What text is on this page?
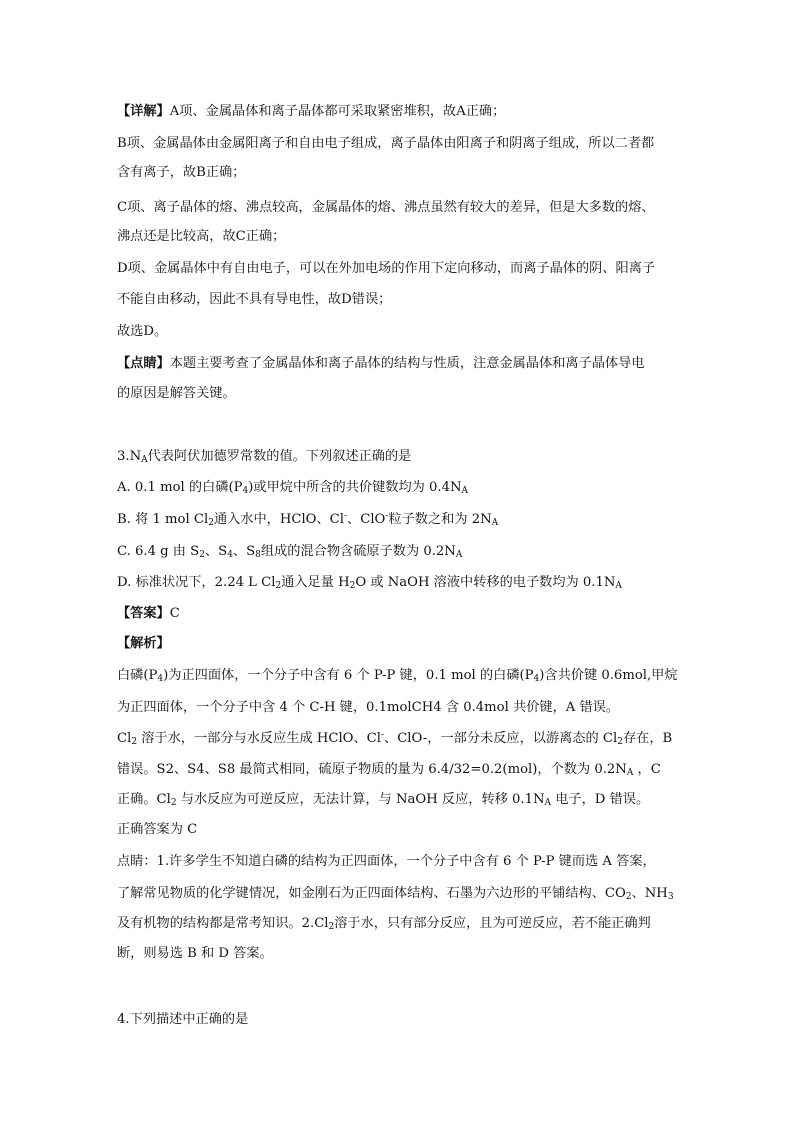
【详解】A项、金属晶体和离子晶体都可采取紧密堆积，故A正确；
B项、金属晶体由金属阳离子和自由电子组成，离子晶体由阳离子和阴离子组成，所以二者都
含有离子，故B正确；
C项、离子晶体的熔、沸点较高，金属晶体的熔、沸点虽然有较大的差异，但是大多数的熔、
沸点还是比较高，故C正确；
D项、金属晶体中有自由电子，可以在外加电场的作用下定向移动，而离子晶体的阴、阳离子
不能自由移动，因此不具有导电性，故D错误；
故选D。
【点睛】本题主要考查了金属晶体和离子晶体的结构与性质，注意金属晶体和离子晶体导电
的原因是解答关键。
$3.N_A$代表阿伏加德罗常数的值。下列叙述正确的是
A. 0.1 mol 的白磷$(P_4)$或甲烷中所含的共价键数均为 $0.4N_A$
B. 将 1 mol $Cl_2$通入水中，HClO、Cl-、ClO-粒子数之和为 $2N_A$
C. 6.4 g 由 $S_2$、$S_4$、$S_8$组成的混合物含硫原子数为 $0.2N_A$
D. 标准状况下，2.24 L $Cl_2$通入足量 $H_2O$ 或 NaOH 溶液中转移的电子数均为 $0.1N_A$
【答案】C
【解析】
白磷$(P_4)$为正四面体，一个分子中含有 6 个 P-P 键，0.1 mol 的白磷$(P_4)$含共价键 0.6mol,甲烷
为正四面体，一个分子中含 4 个 C-H 键，0.1molCH4 含 0.4mol 共价键，A 错误。
$Cl_2$ 溶于水，一部分与水反应生成 HClO、Cl-、ClO-，一部分未反应，以游离态的 $Cl_2$存在，B
错误。S2、S4、S8 最简式相同，硫原子物质的量为 6.4/32=0.2(mol)，个数为 $0.2N_A$ ，C
正确。$Cl_2$ 与水反应为可逆反应，无法计算，与 NaOH 反应，转移 $0.1N_A$ 电子，D 错误。
正确答案为 C
点睛：1.许多学生不知道白磷的结构为正四面体，一个分子中含有 6 个 P-P 键而选 A 答案，
了解常见物质的化学键情况，如金刚石为正四面体结构、石墨为六边形的平铺结构、$CO_2$、$NH_3$
及有机物的结构都是常考知识。$2.Cl_2$溶于水，只有部分反应，且为可逆反应，若不能正确判
断，则易选 B 和 D 答案。
4.下列描述中正确的是
